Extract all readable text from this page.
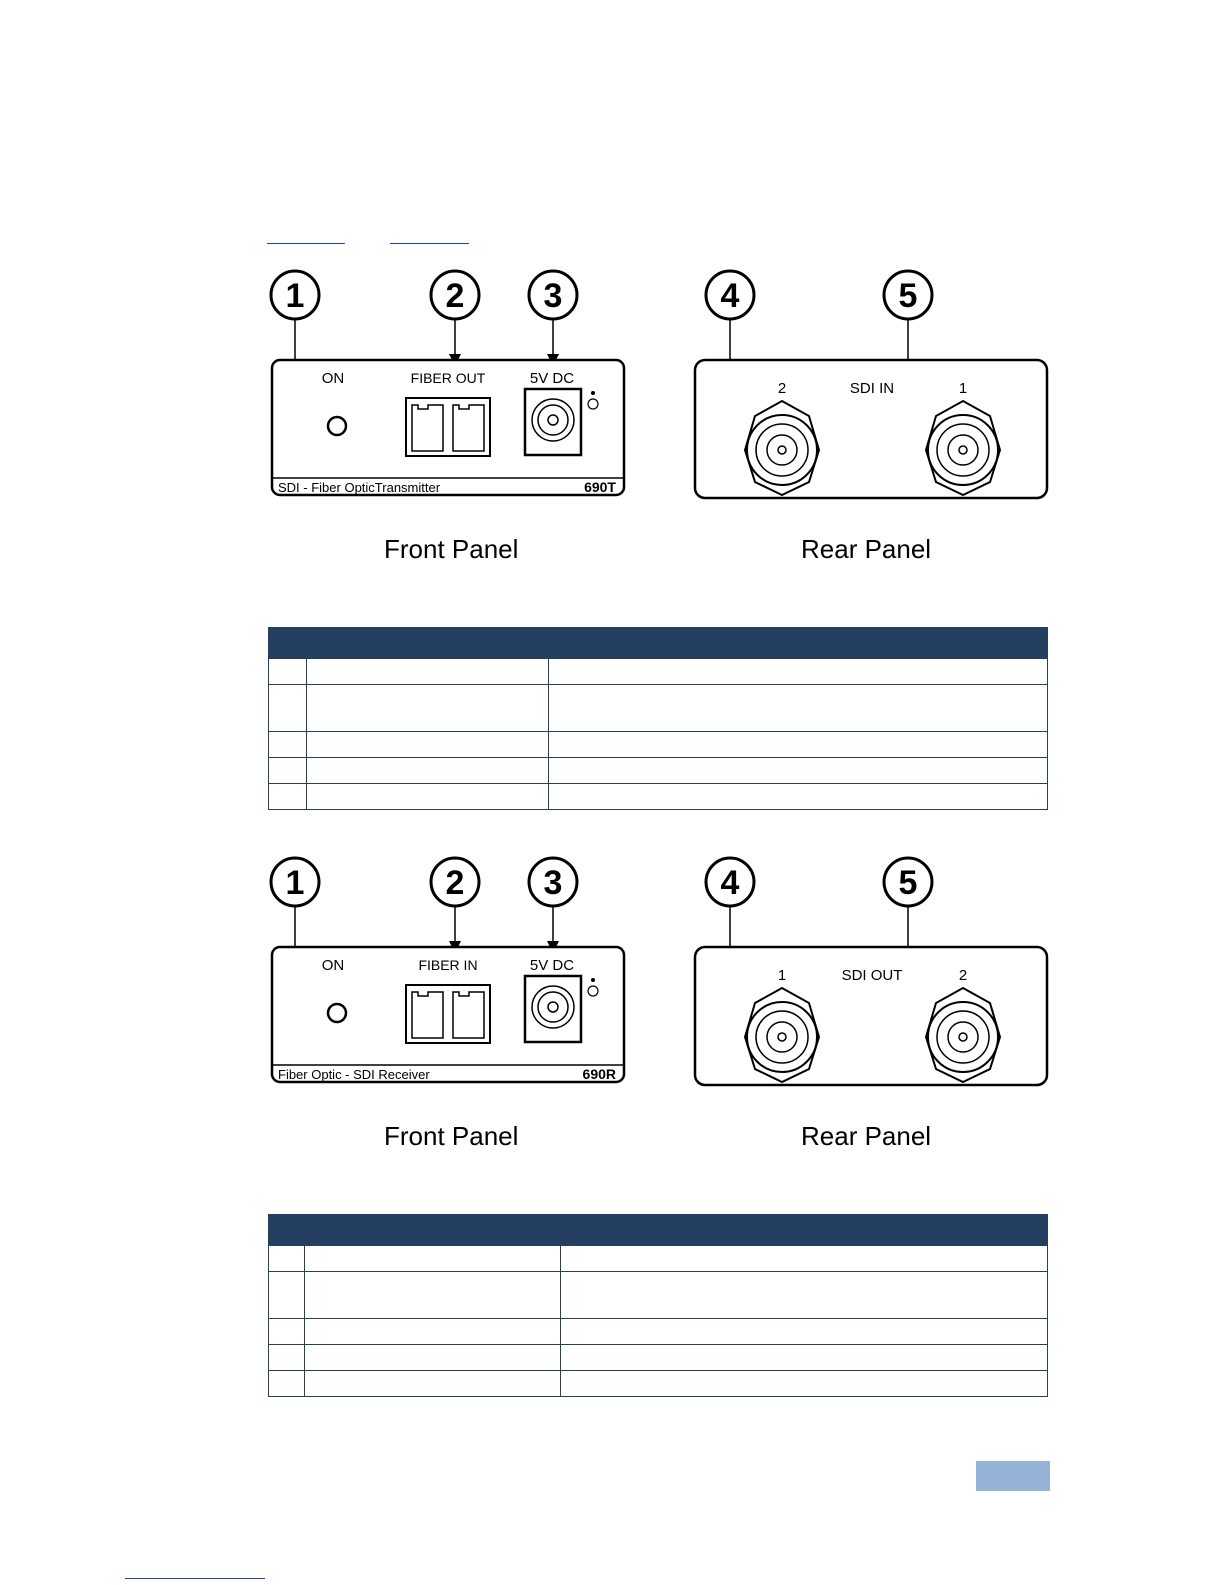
1	2 3	4	5
ON	FIBER OUT	5V DC
SDI - Fiber OpticTransmitter	690T
2	SDI IN	1
Front Panel	Rear Panel

1	2 3	4	5
ON	FIBER IN	5V DC
Fiber Optic - SDI Receiver	690R
1	SDI OUT	2
Front Panel	Rear Panel
